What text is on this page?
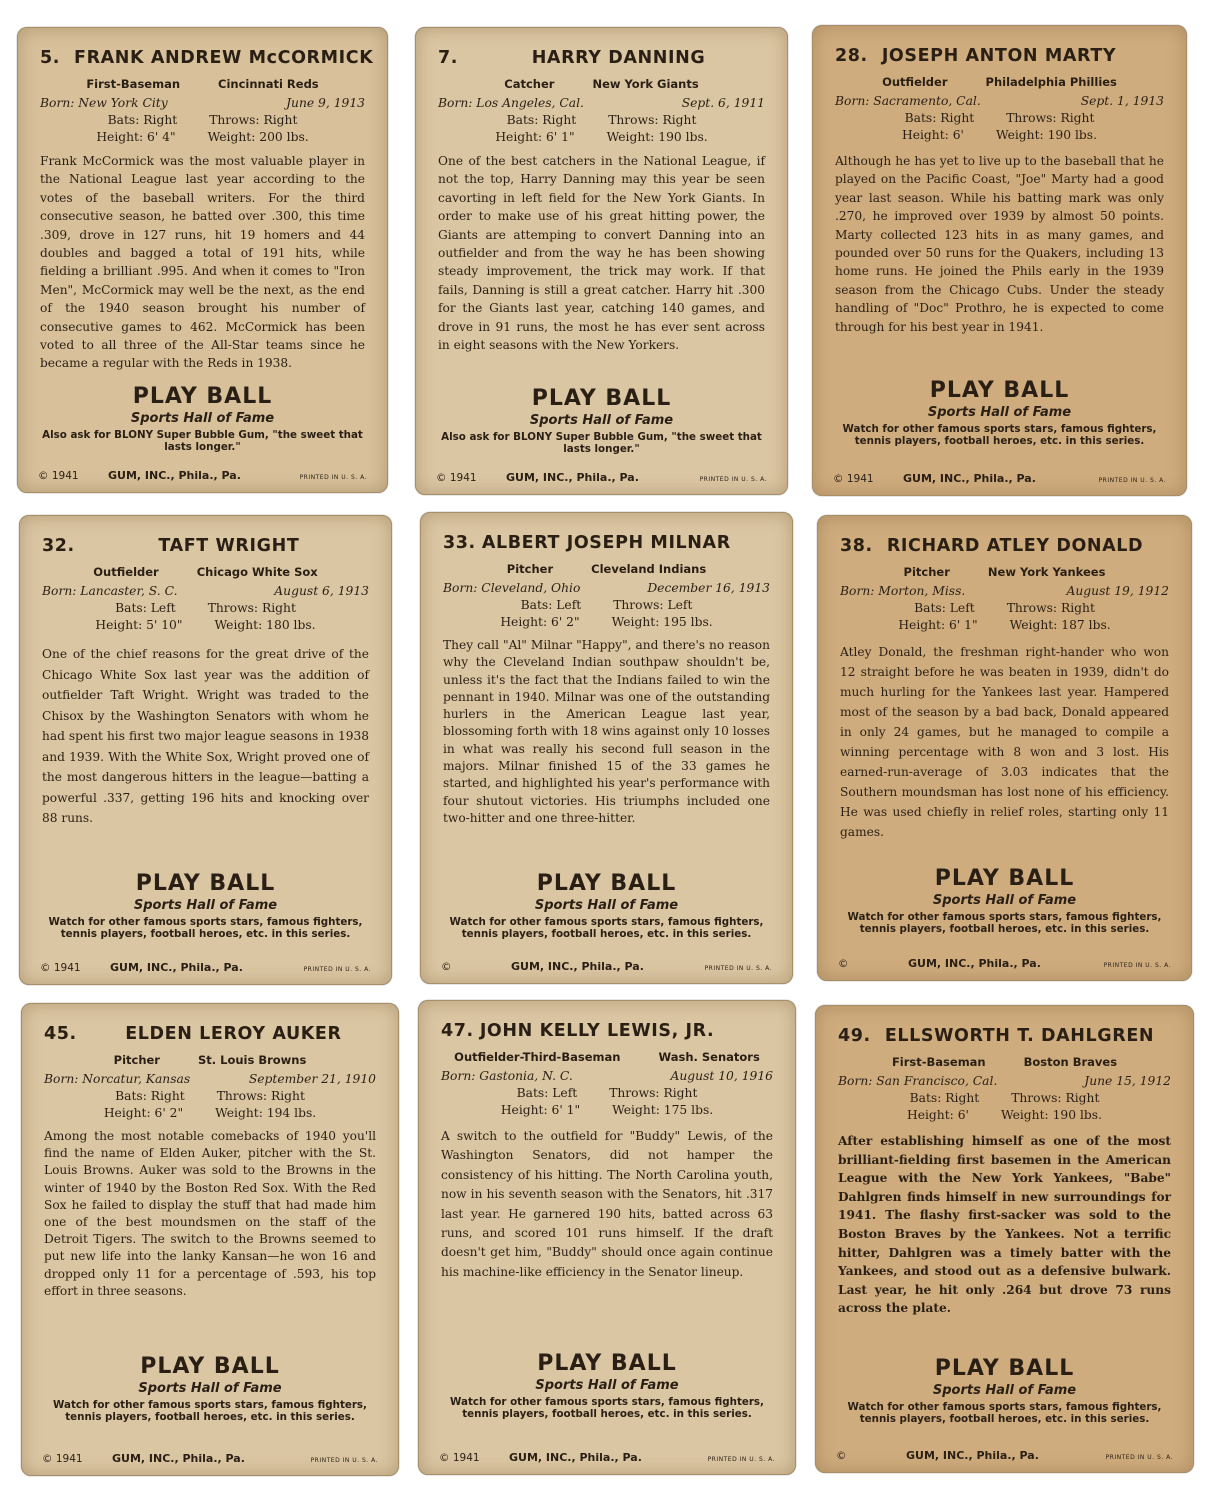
5. FRANK ANDREW McCORMICK
First-Baseman	Cincinnati Reds
Born: New York City	June 9, 1913
Bats: Right	Throws: Right
Height: 6' 4"	Weight: 200 lbs.
Frank McCormick was the most valuable player in the National League last year according to the votes of the baseball writers. For the third consecutive season, he batted over .300, this time .309, drove in 127 runs, hit 19 homers and 44 doubles and bagged a total of 191 hits, while fielding a brilliant .995. And when it comes to "Iron Men", McCormick may well be the next, as the end of the 1940 season brought his number of consecutive games to 462. McCormick has been voted to all three of the All-Star teams since he became a regular with the Reds in 1938.
PLAY BALL
Sports Hall of Fame
Also ask for BLONY Super Bubble Gum, "the sweet that lasts longer."
© 1941	GUM, INC., Phila., Pa.	PRINTED IN U. S. A.
7.	HARRY DANNING
Catcher	New York Giants
Born: Los Angeles, Cal.	Sept. 6, 1911
Bats: Right	Throws: Right
Height: 6' 1"	Weight: 190 lbs.
One of the best catchers in the National League, if not the top, Harry Danning may this year be seen cavorting in left field for the New York Giants. In order to make use of his great hitting power, the Giants are attemping to convert Danning into an outfielder and from the way he has been showing steady improvement, the trick may work. If that fails, Danning is still a great catcher. Harry hit .300 for the Giants last year, catching 140 games, and drove in 91 runs, the most he has ever sent across in eight seasons with the New Yorkers.
PLAY BALL
Sports Hall of Fame
Also ask for BLONY Super Bubble Gum, "the sweet that lasts longer."
© 1941	GUM, INC., Phila., Pa.	PRINTED IN U. S. A.
28. JOSEPH ANTON MARTY
Outfielder	Philadelphia Phillies
Born: Sacramento, Cal.	Sept. 1, 1913
Bats: Right	Throws: Right
Height: 6'	Weight: 190 lbs.
Although he has yet to live up to the baseball that he played on the Pacific Coast, "Joe" Marty had a good year last season. While his batting mark was only .270, he improved over 1939 by almost 50 points. Marty collected 123 hits in as many games, and pounded over 50 runs for the Quakers, including 13 home runs. He joined the Phils early in the 1939 season from the Chicago Cubs. Under the steady handling of "Doc" Prothro, he is expected to come through for his best year in 1941.
PLAY BALL
Sports Hall of Fame
Watch for other famous sports stars, famous fighters, tennis players, football heroes, etc. in this series.
© 1941	GUM, INC., Phila., Pa.	PRINTED IN U. S. A.
32.	TAFT WRIGHT
Outfielder	Chicago White Sox
Born: Lancaster, S. C.	August 6, 1913
Bats: Left	Throws: Right
Height: 5' 10"	Weight: 180 lbs.
One of the chief reasons for the great drive of the Chicago White Sox last year was the addition of outfielder Taft Wright. Wright was traded to the Chisox by the Washington Senators with whom he had spent his first two major league seasons in 1938 and 1939. With the White Sox, Wright proved one of the most dangerous hitters in the league—batting a powerful .337, getting 196 hits and knocking over 88 runs.
PLAY BALL
Sports Hall of Fame
Watch for other famous sports stars, famous fighters, tennis players, football heroes, etc. in this series.
© 1941	GUM, INC., Phila., Pa.	PRINTED IN U. S. A.
33. ALBERT JOSEPH MILNAR
Pitcher	Cleveland Indians
Born: Cleveland, Ohio	December 16, 1913
Bats: Left	Throws: Left
Height: 6' 2"	Weight: 195 lbs.
They call "Al" Milnar "Happy", and there's no reason why the Cleveland Indian southpaw shouldn't be, unless it's the fact that the Indians failed to win the pennant in 1940. Milnar was one of the outstanding hurlers in the American League last year, blossoming forth with 18 wins against only 10 losses in what was really his second full season in the majors. Milnar finished 15 of the 33 games he started, and highlighted his year's performance with four shutout victories. His triumphs included one two-hitter and one three-hitter.
PLAY BALL
Sports Hall of Fame
Watch for other famous sports stars, famous fighters, tennis players, football heroes, etc. in this series.
©	GUM, INC., Phila., Pa.	PRINTED IN U. S. A.
38. RICHARD ATLEY DONALD
Pitcher	New York Yankees
Born: Morton, Miss.	August 19, 1912
Bats: Left	Throws: Right
Height: 6' 1"	Weight: 187 lbs.
Atley Donald, the freshman right-hander who won 12 straight before he was beaten in 1939, didn't do much hurling for the Yankees last year. Hampered most of the season by a bad back, Donald appeared in only 24 games, but he managed to compile a winning percentage with 8 won and 3 lost. His earned-run-average of 3.03 indicates that the Southern moundsman has lost none of his efficiency. He was used chiefly in relief roles, starting only 11 games.
PLAY BALL
Sports Hall of Fame
Watch for other famous sports stars, famous fighters, tennis players, football heroes, etc. in this series.
©	GUM, INC., Phila., Pa.	PRINTED IN U. S. A.
45.	ELDEN LEROY AUKER
Pitcher	St. Louis Browns
Born: Norcatur, Kansas	September 21, 1910
Bats: Right	Throws: Right
Height: 6' 2"	Weight: 194 lbs.
Among the most notable comebacks of 1940 you'll find the name of Elden Auker, pitcher with the St. Louis Browns. Auker was sold to the Browns in the winter of 1940 by the Boston Red Sox. With the Red Sox he failed to display the stuff that had made him one of the best moundsmen on the staff of the Detroit Tigers. The switch to the Browns seemed to put new life into the lanky Kansan—he won 16 and dropped only 11 for a percentage of .593, his top effort in three seasons.
PLAY BALL
Sports Hall of Fame
Watch for other famous sports stars, famous fighters, tennis players, football heroes, etc. in this series.
© 1941	GUM, INC., Phila., Pa.	PRINTED IN U. S. A.
47. JOHN KELLY LEWIS, JR.
Outfielder-Third-Baseman	Wash. Senators
Born: Gastonia, N. C.	August 10, 1916
Bats: Left	Throws: Right
Height: 6' 1"	Weight: 175 lbs.
A switch to the outfield for "Buddy" Lewis, of the Washington Senators, did not hamper the consistency of his hitting. The North Carolina youth, now in his seventh season with the Senators, hit .317 last year. He garnered 190 hits, batted across 63 runs, and scored 101 runs himself. If the draft doesn't get him, "Buddy" should once again continue his machine-like efficiency in the Senator lineup.
PLAY BALL
Sports Hall of Fame
Watch for other famous sports stars, famous fighters, tennis players, football heroes, etc. in this series.
© 1941	GUM, INC., Phila., Pa.	PRINTED IN U. S. A.
49. ELLSWORTH T. DAHLGREN
First-Baseman	Boston Braves
Born: San Francisco, Cal.	June 15, 1912
Bats: Right	Throws: Right
Height: 6'	Weight: 190 lbs.
After establishing himself as one of the most brilliant-fielding first basemen in the American League with the New York Yankees, "Babe" Dahlgren finds himself in new surroundings for 1941. The flashy first-sacker was sold to the Boston Braves by the Yankees. Not a terrific hitter, Dahlgren was a timely batter with the Yankees, and stood out as a defensive bulwark. Last year, he hit only .264 but drove 73 runs across the plate.
PLAY BALL
Sports Hall of Fame
Watch for other famous sports stars, famous fighters, tennis players, football heroes, etc. in this series.
©	GUM, INC., Phila., Pa.	PRINTED IN U. S. A.
